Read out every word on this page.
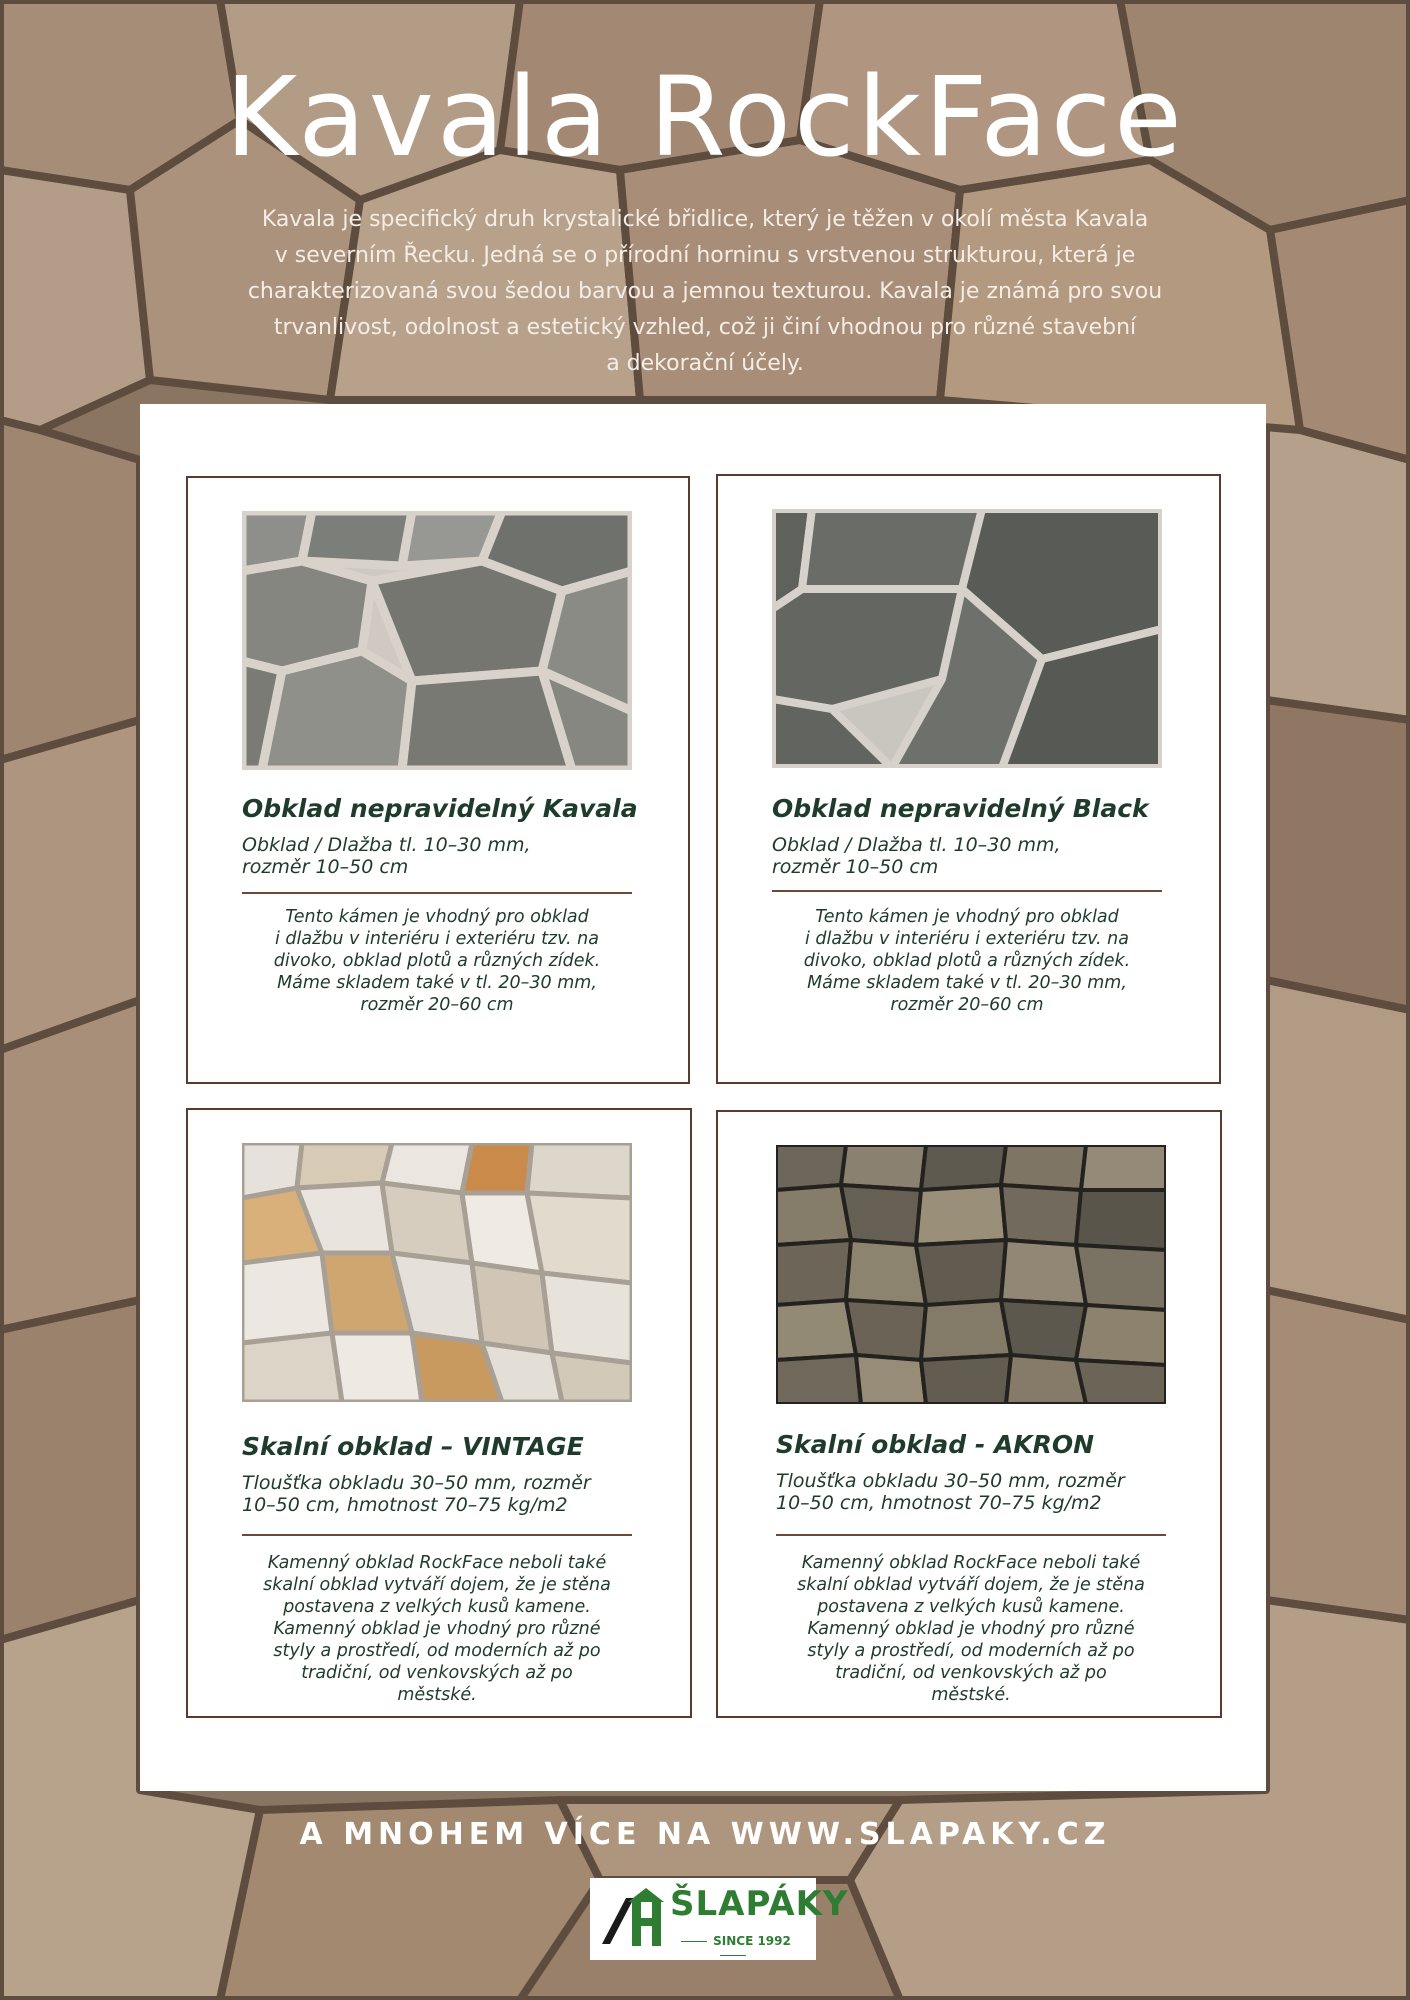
Kavala RockFace

Kavala je specifický druh krystalické břidlice, který je těžen v okolí města Kavala
v severním Řecku. Jedná se o přírodní horninu s vrstvenou strukturou, která je
charakterizovaná svou šedou barvou a jemnou texturou. Kavala je známá pro svou
trvanlivost, odolnost a estetický vzhled, což ji činí vhodnou pro různé stavební
a dekorační účely.

Obklad nepravidelný Kavala

Obklad / Dlažba tl. 10–30 mm,
rozměr 10–50 cm

Tento kámen je vhodný pro obklad
i dlažbu v interiéru i exteriéru tzv. na
divoko, obklad plotů a různých zídek.
Máme skladem také v tl. 20–30 mm,
rozměr 20–60 cm

Obklad nepravidelný Black

Obklad / Dlažba tl. 10–30 mm,
rozměr 10–50 cm

Tento kámen je vhodný pro obklad
i dlažbu v interiéru i exteriéru tzv. na
divoko, obklad plotů a různých zídek.
Máme skladem také v tl. 20–30 mm,
rozměr 20–60 cm

Skalní obklad – VINTAGE

Tloušťka obkladu 30–50 mm, rozměr
10–50 cm, hmotnost 70–75 kg/m2

Kamenný obklad RockFace neboli také
skalní obklad vytváří dojem, že je stěna
postavena z velkých kusů kamene.
Kamenný obklad je vhodný pro různé
styly a prostředí, od moderních až po
tradiční, od venkovských až po
městské.

Skalní obklad - AKRON

Tloušťka obkladu 30–50 mm, rozměr
10–50 cm, hmotnost 70–75 kg/m2

Kamenný obklad RockFace neboli také
skalní obklad vytváří dojem, že je stěna
postavena z velkých kusů kamene.
Kamenný obklad je vhodný pro různé
styly a prostředí, od moderních až po
tradiční, od venkovských až po
městské.

A MNOHEM VÍCE NA WWW.SLAPAKY.CZ

ŠLAPÁKY
SINCE 1992
